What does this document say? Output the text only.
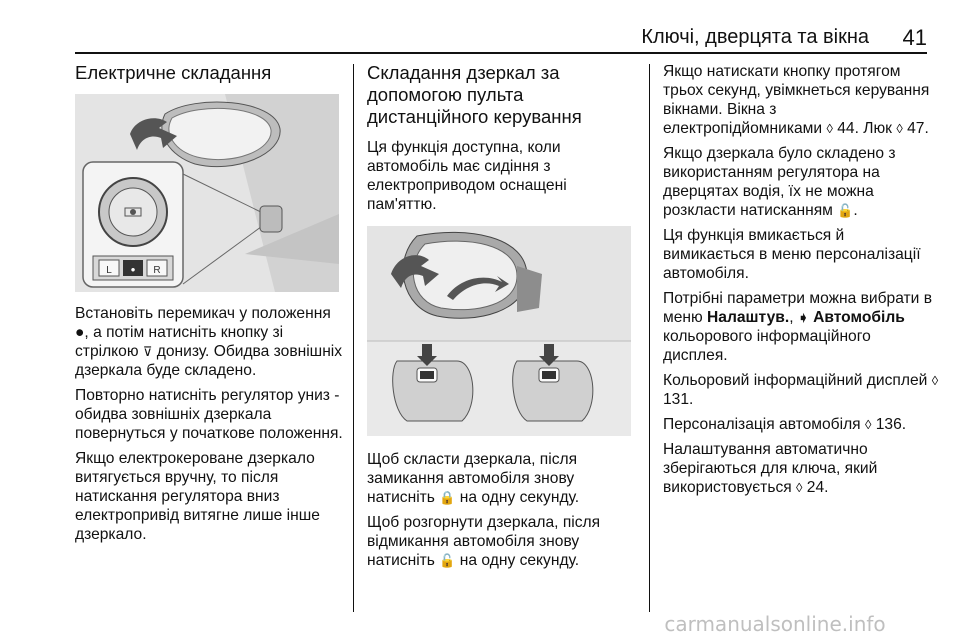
Ключі, дверцята та вікна 41
Електричне складання
L • R

Встановіть перемикач у положення ●, а потім натисніть кнопку зі стрілкою ⊽ донизу. Обидва зовнішніх дзеркала буде складено.

Повторно натисніть регулятор униз - обидва зовнішніх дзеркала повернуться у початкове положення.

Якщо електрокероване дзеркало витягується вручну, то після натискання регулятора вниз електропривід витягне лише інше дзеркало.

Складання дзеркал за допомогою пульта дистанційного керування

Ця функція доступна, коли автомобіль має сидіння з електроприводом оснащені пам'яттю.

Щоб скласти дзеркала, після замикання автомобіля знову натисніть 🔒 на одну секунду.

Щоб розгорнути дзеркала, після відмикання автомобіля знову натисніть 🔓 на одну секунду.

Якщо натискати кнопку протягом трьох секунд, увімкнеться керування вікнами. Вікна з електропідйомниками ◊ 44. Люк ◊ 47.

Якщо дзеркала було складено з використанням регулятора на дверцятах водія, їх не можна розкласти натисканням 🔓.

Ця функція вмикається й вимикається в меню персоналізації автомобіля.

Потрібні параметри можна вибрати в меню Налаштув., ➧ Автомобіль кольорового інформаційного дисплея.

Кольоровий інформаційний дисплей ◊ 131.

Персоналізація автомобіля ◊ 136.

Налаштування автоматично зберігаються для ключа, який використовується ◊ 24.

carmanualsonline.info
